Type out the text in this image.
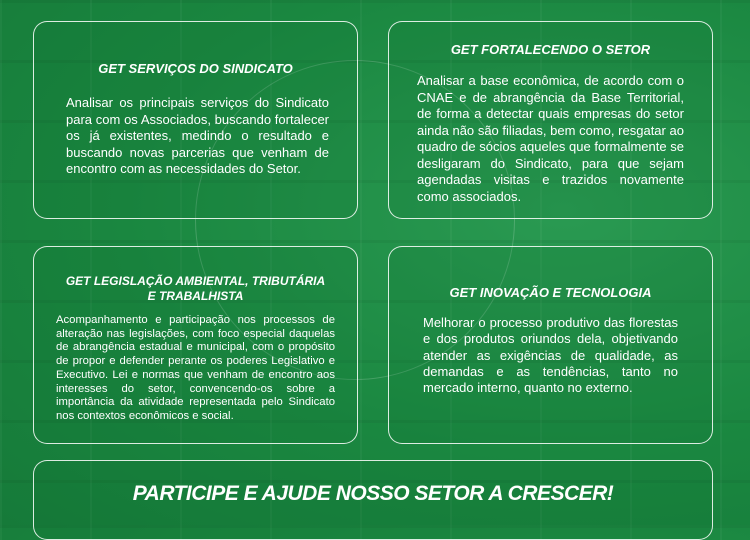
GET SERVIÇOS DO SINDICATO
Analisar os principais serviços do Sindicato para com os Associados, buscando fortalecer os já existentes, medindo o resultado e buscando novas parcerias que venham de encontro com as necessidades do Setor.
GET FORTALECENDO O SETOR
Analisar a base econômica, de acordo com o CNAE e de abrangência da Base Territorial, de forma a detectar quais empresas do setor ainda não são filiadas, bem como, resgatar ao quadro de sócios aqueles que formalmente se desligaram do Sindicato, para que sejam agendadas visitas e trazidos novamente como associados.
GET LEGISLAÇÃO AMBIENTAL, TRIBUTÁRIA E TRABALHISTA
Acompanhamento e participação nos processos de alteração nas legislações, com foco especial daquelas de abrangência estadual e municipal, com o propósito de propor e defender perante os poderes Legislativo e Executivo. Lei e normas que venham de encontro aos interesses do setor, convencendo-os sobre a importância da atividade representada pelo Sindicato nos contextos econômicos e social.
GET INOVAÇÃO E TECNOLOGIA
Melhorar o processo produtivo das florestas e dos produtos oriundos dela, objetivando atender as exigências de qualidade, as demandas e as tendências, tanto no mercado interno, quanto no externo.
PARTICIPE E AJUDE NOSSO SETOR A CRESCER!
